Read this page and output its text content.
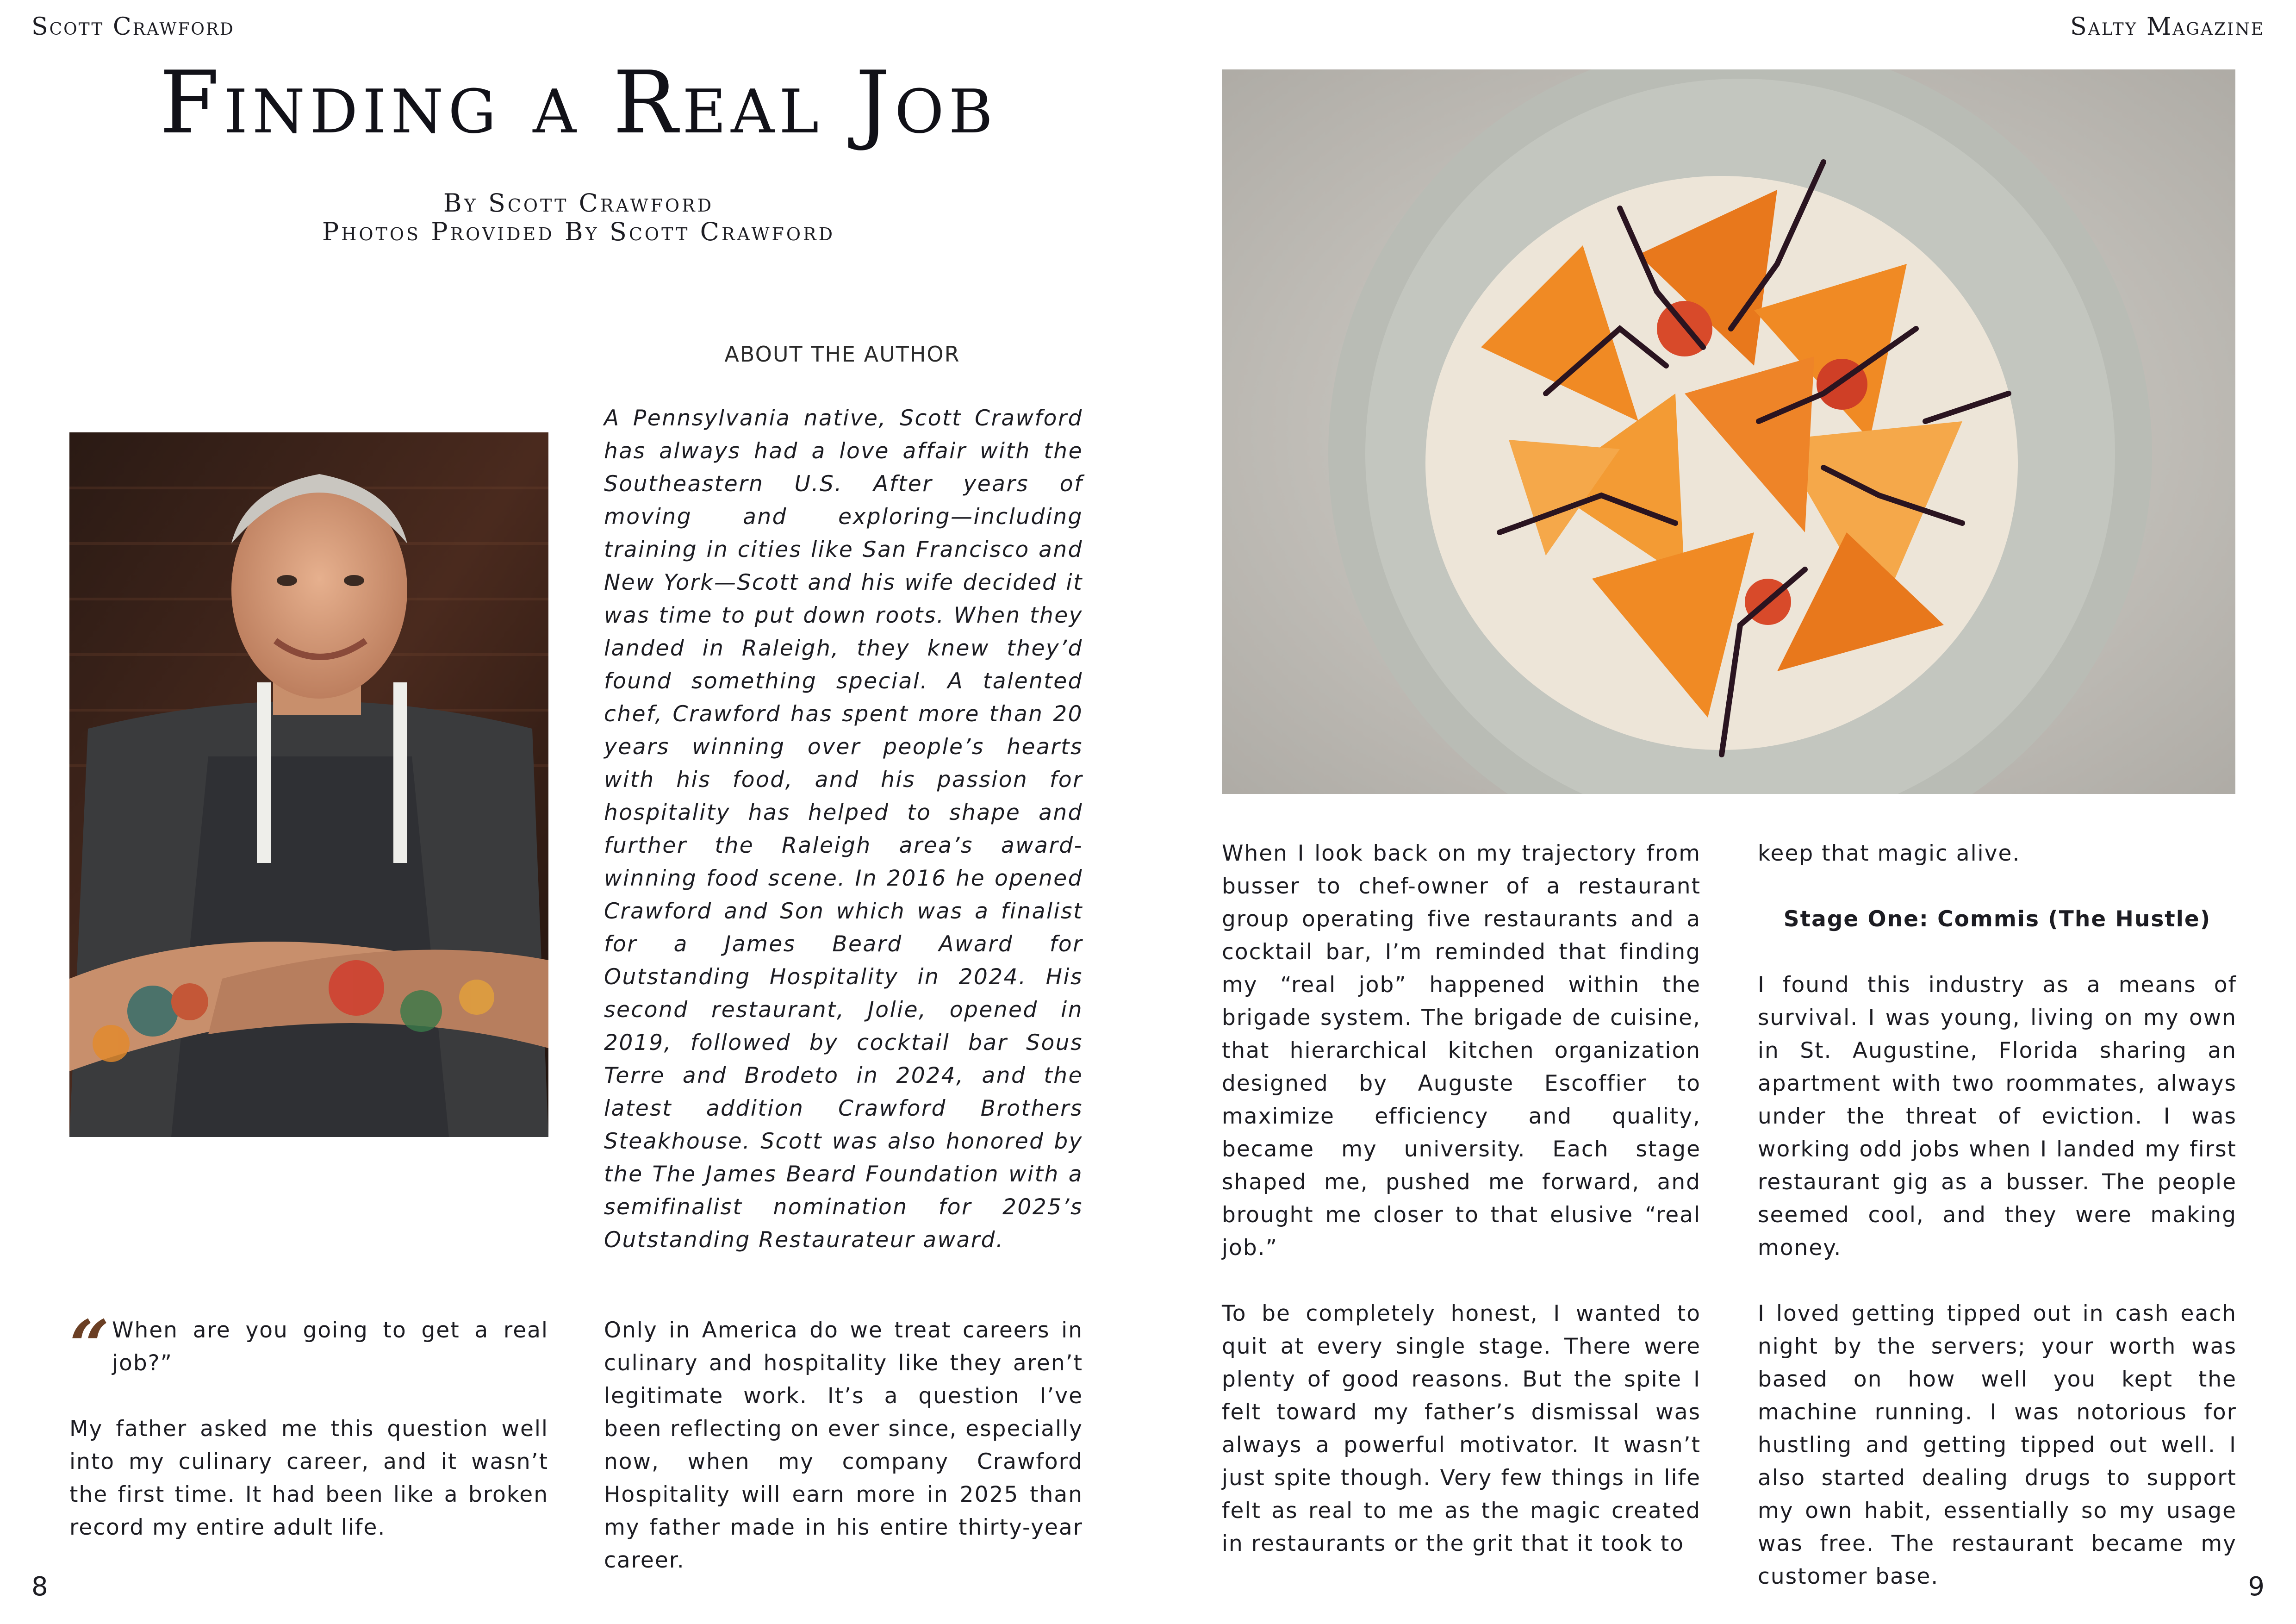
Scott Crawford	Salty Magazine
Finding a Real Job
By Scott Crawford
Photos Provided By Scott Crawford
ABOUT THE AUTHOR
A Pennsylvania native, Scott Crawford has always had a love affair with the Southeastern U.S. After years of moving and exploring—including training in cities like San Francisco and New York—Scott and his wife decided it was time to put down roots. When they landed in Raleigh, they knew they’d found something special. A talented chef, Crawford has spent more than 20 years winning over people’s hearts with his food, and his passion for hospitality has helped to shape and further the Raleigh area’s award-winning food scene. In 2016 he opened Crawford and Son which was a finalist for a James Beard Award for Outstanding Hospitality in 2024. His second restaurant, Jolie, opened in 2019, followed by cocktail bar Sous Terre and Brodeto in 2024, and the latest addition Crawford Brothers Steakhouse. Scott was also honored by the The James Beard Foundation with a semifinalist nomination for 2025’s Outstanding Restaurateur award.
“ When are you going to get a real job?”

My father asked me this question well into my culinary career, and it wasn’t the first time. It had been like a broken record my entire adult life.

Only in America do we treat careers in culinary and hospitality like they aren’t legitimate work. It’s a question I’ve been reflecting on ever since, especially now, when my company Crawford Hospitality will earn more in 2025 than my father made in his entire thirty-year career.

When I look back on my trajectory from busser to chef-owner of a restaurant group operating five restaurants and a cocktail bar, I’m reminded that finding my “real job” happened within the brigade system. The brigade de cuisine, that hierarchical kitchen organization designed by Auguste Escoffier to maximize efficiency and quality, became my university. Each stage shaped me, pushed me forward, and brought me closer to that elusive “real job.”

To be completely honest, I wanted to quit at every single stage. There were plenty of good reasons. But the spite I felt toward my father’s dismissal was always a powerful motivator. It wasn’t just spite though. Very few things in life felt as real to me as the magic created in restaurants or the grit that it took to

keep that magic alive.

Stage One: Commis (The Hustle)

I found this industry as a means of survival. I was young, living on my own in St. Augustine, Florida sharing an apartment with two roommates, always under the threat of eviction. I was working odd jobs when I landed my first restaurant gig as a busser. The people seemed cool, and they were making money.

I loved getting tipped out in cash each night by the servers; your worth was based on how well you kept the machine running. I was notorious for hustling and getting tipped out well. I also started dealing drugs to support my own habit, essentially so my usage was free. The restaurant became my customer base.

8	9
